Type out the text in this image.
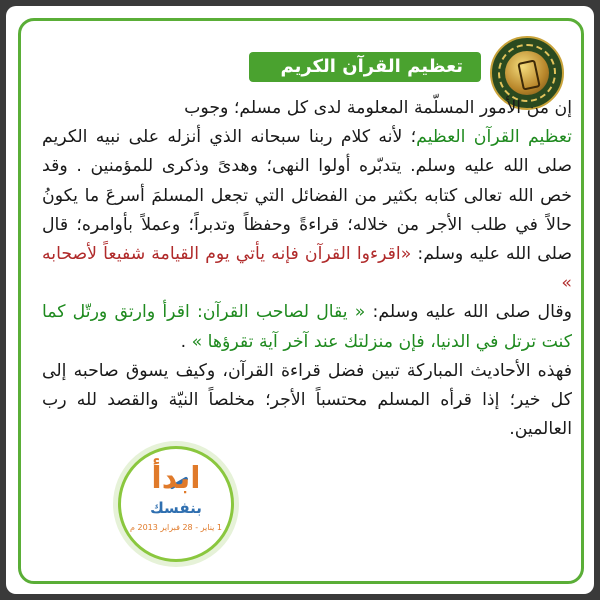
تعظيم القرآن الكريم

إن من الأمور المسلّمة المعلومة لدى كل مسلم؛ وجوب
تعظيم القرآن العظيم؛ لأنه كلام ربنا سبحانه الذي أنزله على نبيه الكريم صلى الله عليه وسلم. يتدبّره أولوا النهى؛ وهدىً وذكرى للمؤمنين . وقد خص الله تعالى كتابه بكثير من الفضائل التي تجعل المسلمَ أسرعَ ما يكونُ حالاً في طلب الأجر من خلاله؛ قراءةً وحفظاً وتدبراً؛ وعملاً بأوامره؛ قال صلى الله عليه وسلم: «اقرءوا القرآن فإنه يأتي يوم القيامة شفيعاً لأصحابه »

وقال صلى الله عليه وسلم: « يقال لصاحب القرآن: اقرأ وارتق ورتّل كما كنت ترتل في الدنيا، فإن منزلتك عند آخر آية تقرؤها » .

فهذه الأحاديث المباركة تبين فضل قراءة القرآن، وكيف يسوق صاحبه إلى كل خير؛ إذا قرأه المسلم محتسباً الأجر؛ مخلصاً النيّة والقصد لله رب العالمين.

ابدأ
بنفسك
1 يناير - 28 فبراير 2013 م
